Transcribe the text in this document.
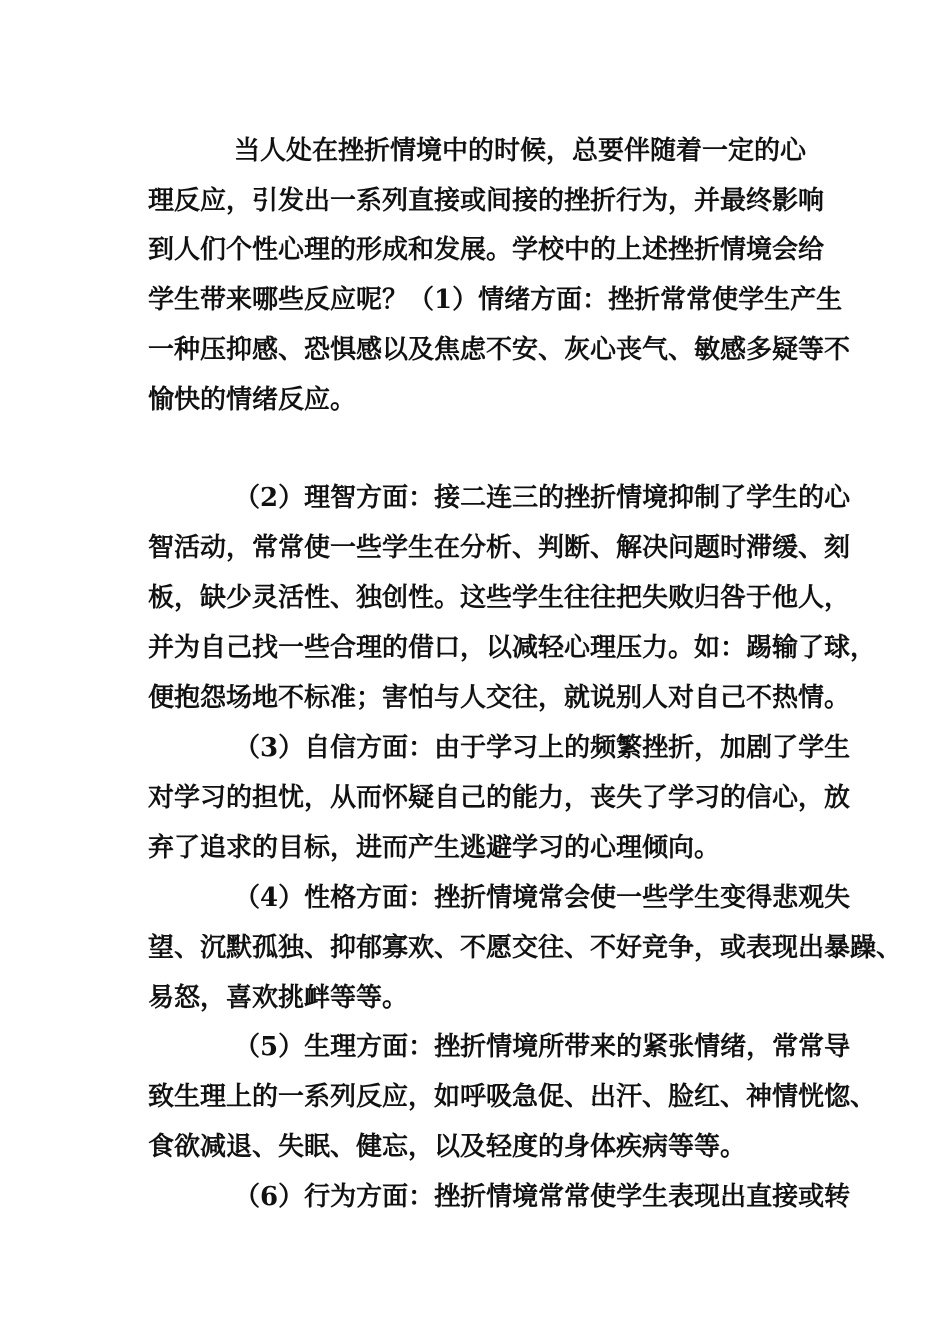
当人处在挫折情境中的时候，总要伴随着一定的心
理反应，引发出一系列直接或间接的挫折行为，并最终影响
到人们个性心理的形成和发展。学校中的上述挫折情境会给
学生带来哪些反应呢？（1）情绪方面：挫折常常使学生产生
一种压抑感、恐惧感以及焦虑不安、灰心丧气、敏感多疑等不
愉快的情绪反应。
（2）理智方面：接二连三的挫折情境抑制了学生的心
智活动，常常使一些学生在分析、判断、解决问题时滞缓、刻
板，缺少灵活性、独创性。这些学生往往把失败归咎于他人，
并为自己找一些合理的借口，以减轻心理压力。如：踢输了球，
便抱怨场地不标准；害怕与人交往，就说别人对自己不热情。
（3）自信方面：由于学习上的频繁挫折，加剧了学生
对学习的担忧，从而怀疑自己的能力，丧失了学习的信心，放
弃了追求的目标，进而产生逃避学习的心理倾向。
（4）性格方面：挫折情境常会使一些学生变得悲观失
望、沉默孤独、抑郁寡欢、不愿交往、不好竞争，或表现出暴躁、
易怒，喜欢挑衅等等。
（5）生理方面：挫折情境所带来的紧张情绪，常常导
致生理上的一系列反应，如呼吸急促、出汗、脸红、神情恍惚、
食欲减退、失眠、健忘，以及轻度的身体疾病等等。
（6）行为方面：挫折情境常常使学生表现出直接或转
